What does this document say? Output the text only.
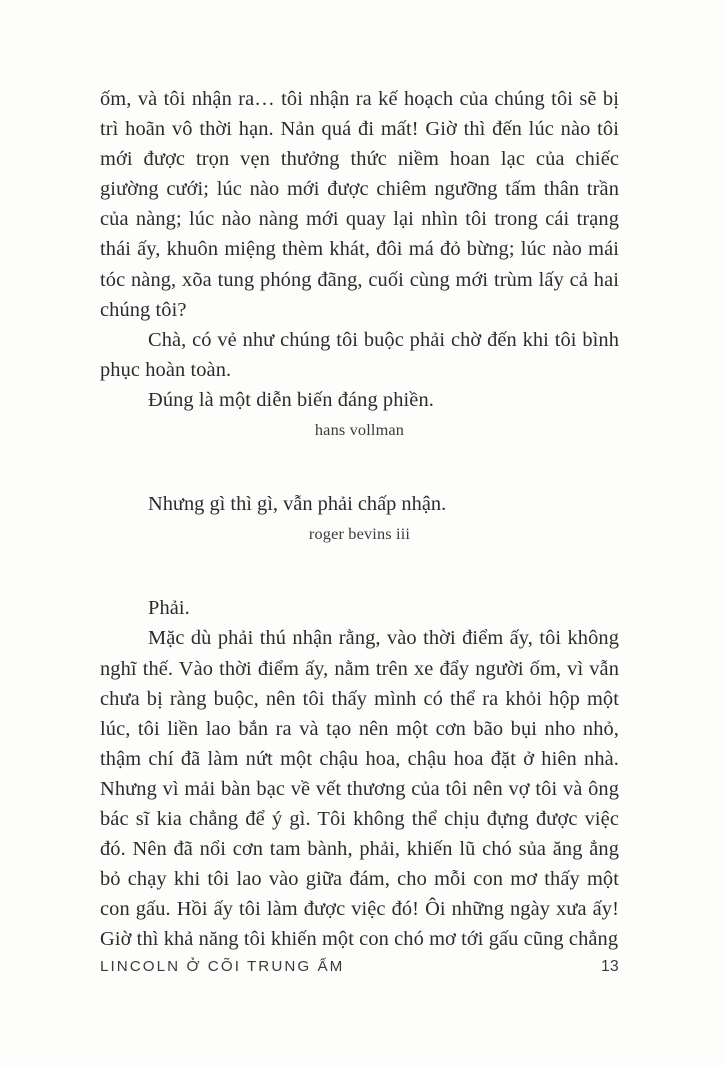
ốm, và tôi nhận ra… tôi nhận ra kế hoạch của chúng tôi sẽ bị trì hoãn vô thời hạn. Nản quá đi mất! Giờ thì đến lúc nào tôi mới được trọn vẹn thưởng thức niềm hoan lạc của chiếc giường cưới; lúc nào mới được chiêm ngưỡng tấm thân trần của nàng; lúc nào nàng mới quay lại nhìn tôi trong cái trạng thái ấy, khuôn miệng thèm khát, đôi má đỏ bừng; lúc nào mái tóc nàng, xõa tung phóng đãng, cuối cùng mới trùm lấy cả hai chúng tôi?

Chà, có vẻ như chúng tôi buộc phải chờ đến khi tôi bình phục hoàn toàn.

Đúng là một diễn biến đáng phiền.

hans vollman

Nhưng gì thì gì, vẫn phải chấp nhận.

roger bevins iii

Phải.

Mặc dù phải thú nhận rằng, vào thời điểm ấy, tôi không nghĩ thế. Vào thời điểm ấy, nằm trên xe đẩy người ốm, vì vẫn chưa bị ràng buộc, nên tôi thấy mình có thể ra khỏi hộp một lúc, tôi liền lao bắn ra và tạo nên một cơn bão bụi nho nhỏ, thậm chí đã làm nứt một chậu hoa, chậu hoa đặt ở hiên nhà. Nhưng vì mải bàn bạc về vết thương của tôi nên vợ tôi và ông bác sĩ kia chẳng để ý gì. Tôi không thể chịu đựng được việc đó. Nên đã nổi cơn tam bành, phải, khiến lũ chó sủa ăng ẳng bỏ chạy khi tôi lao vào giữa đám, cho mỗi con mơ thấy một con gấu. Hồi ấy tôi làm được việc đó! Ôi những ngày xưa ấy! Giờ thì khả năng tôi khiến một con chó mơ tới gấu cũng chẳng

LINCOLN Ở CÕI TRUNG ẤM	13
